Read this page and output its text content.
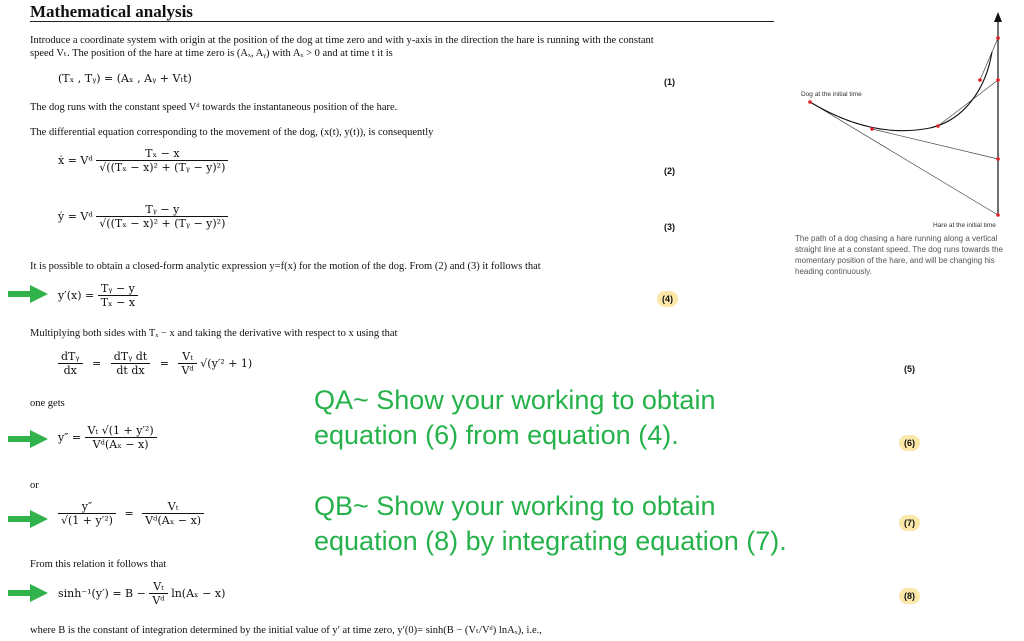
Mathematical analysis
Introduce a coordinate system with origin at the position of the dog at time zero and with y-axis in the direction the hare is running with the constant
speed Vₜ. The position of the hare at time zero is (Aₓ, Aᵧ) with Aₓ > 0 and at time t it is
(Tₓ , Tᵧ) = (Aₓ , Aᵧ + Vₜt)	(1)
The dog runs with the constant speed Vᵈ towards the instantaneous position of the hare.
The differential equation corresponding to the movement of the dog, (x(t), y(t)), is consequently
ẋ = Vᵈ $\frac{\text{Tₓ − x}}{\text{√((Tₓ − x)² + (Tᵧ − y)²)}}$	(2)
ẏ = Vᵈ $\frac{\text{Tᵧ − y}}{\text{√((Tₓ − x)² + (Tᵧ − y)²)}}$	(3)
It is possible to obtain a closed-form analytic expression y=f(x) for the motion of the dog. From (2) and (3) it follows that
$y'(x) = \frac{\text{Tᵧ − y}}{\text{Tₓ − x}}$	(4)
Multiplying both sides with Tₓ − x and taking the derivative with respect to x using that
$\frac{\text{dTᵧ}}{dx} = \frac{\text{dTᵧ dt}}{\text{dt dx}} = \frac{\text{Vₜ}}{\text{Vᵈ}} √(y'^2 + 1)$	(5)
one gets
$y'' = \frac{\text{Vₜ √(1 + y′²)}}{\text{Vᵈ(Aₓ − x)}}$	(6)
QA~ Show your working to obtain
equation (6) from equation (4).
or
$\frac{y''}{\text{√(1 + y′²)}} = \frac{\text{Vₜ}}{\text{Vᵈ(Aₓ − x)}}$	(7)
QB~ Show your working to obtain
equation (8) by integrating equation (7).
From this relation it follows that
$\sinh^{-1}(y') = B - \frac{\text{Vₜ}}{\text{Vᵈ}} \ln(A_x - x)$	(8)
where B is the constant of integration determined by the initial value of y′ at time zero, y′(0)= sinh(B − (Vₜ/Vᵈ) lnAₓ), i.e.,
Dog at the initial time
Hare at the initial time
The path of a dog chasing a hare running along a vertical straight line at a constant speed. The dog runs towards the momentary position of the hare, and will be changing his heading continuously.
